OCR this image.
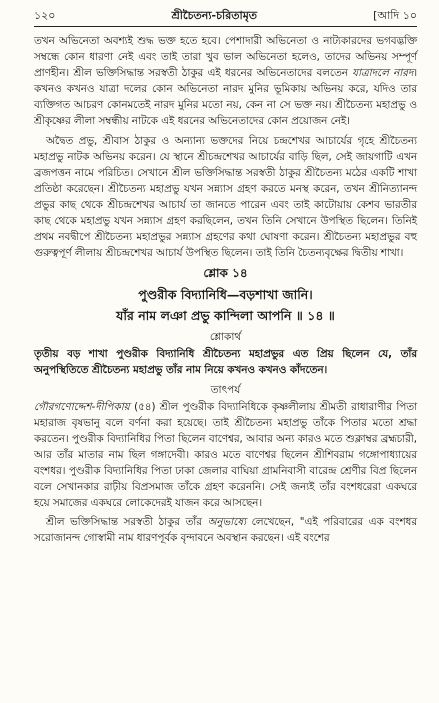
১২০	শ্রীচৈতন্য-চরিতামৃত	[আদি ১০

তখন অভিনেতা অবশ্যই শুদ্ধ ভক্ত হতে হবে। পেশাদারী অভিনেতা ও নাট্যকারদের ভগবদ্ভক্তি সম্বন্ধে কোন ধারণা নেই এবং তাই তারা খুব ভাল অভিনেতা হলেও, তাদের অভিনয় সম্পূর্ণ প্রাণহীন। শ্রীল ভক্তিসিদ্ধান্ত সরস্বতী ঠাকুর এই ধরনের অভিনেতাদের বলতেন যাত্রাদলে নারদ। কখনও কখনও যাত্রা দলের কোন অভিনেতা নারদ মুনির ভূমিকায় অভিনয় করে, যদিও তার ব্যক্তিগত আচরণ কোনমতেই নারদ মুনির মতো নয়, কেন না সে ভক্ত নয়। শ্রীচৈতন্য মহাপ্রভু ও শ্রীকৃষ্ণের লীলা সম্বন্ধীয় নাটকে এই ধরনের অভিনেতাদের কোন প্রয়োজন নেই।

অদ্বৈত প্রভু, শ্রীবাস ঠাকুর ও অন্যান্য ভক্তদের নিয়ে চন্দ্রশেখর আচার্যের গৃহে শ্রীচৈতন্য মহাপ্রভু নাটক অভিনয় করেন। যে স্থানে শ্রীচন্দ্রশেখর আচার্যের বাড়ি ছিল, সেই জায়গাটি এখন ব্রজপত্তন নামে পরিচিত। সেখানে শ্রীল ভক্তিসিদ্ধান্ত সরস্বতী ঠাকুর শ্রীচৈতন্য মঠের একটি শাখা প্রতিষ্ঠা করেছেন। শ্রীচৈতন্য মহাপ্রভু যখন সন্ন্যাস গ্রহণ করতে মনস্থ করেন, তখন শ্রীনিত্যানন্দ প্রভুর কাছ থেকে শ্রীচন্দ্রশেখর আচার্য তা জানতে পারেন এবং তাই কাটোয়ায় কেশব ভারতীর কাছ থেকে মহাপ্রভু যখন সন্ন্যাস গ্রহণ করছিলেন, তখন তিনি সেখানে উপস্থিত ছিলেন। তিনিই প্রথম নবদ্বীপে শ্রীচৈতন্য মহাপ্রভুর সন্ন্যাস গ্রহণের কথা ঘোষণা করেন। শ্রীচৈতন্য মহাপ্রভুর বহু গুরুত্বপূর্ণ লীলায় শ্রীচন্দ্রশেখর আচার্য উপস্থিত ছিলেন। তাই তিনি চৈতন্যবৃক্ষের দ্বিতীয় শাখা।

শ্লোক ১৪
পুণ্ডরীক বিদ্যানিধি—বড়শাখা জানি।
যাঁর নাম লঞা প্রভু কান্দিলা আপনি ॥ ১৪ ॥
শ্লোকার্থ

তৃতীয় বড় শাখা পুণ্ডরীক বিদ্যানিধি শ্রীচৈতন্য মহাপ্রভুর এত প্রিয় ছিলেন যে, তাঁর অনুপস্থিতিতে শ্রীচৈতন্য মহাপ্রভু তাঁর নাম নিয়ে কখনও কখনও কাঁদতেন।

তাৎপর্য

গৌরগণোদ্দেশ-দীপিকায় (৫৪) শ্রীল পুণ্ডরীক বিদ্যানিধিকে কৃষ্ণলীলায় শ্রীমতী রাধারাণীর পিতা মহারাজ বৃষভানু বলে বর্ণনা করা হয়েছে। তাই শ্রীচৈতন্য মহাপ্রভু তাঁকে পিতার মতো শ্রদ্ধা করতেন। পুণ্ডরীক বিদ্যানিধির পিতা ছিলেন বাণেশ্বর, আবার অন্য কারও মতে শুক্লাম্বর ব্রহ্মচারী, আর তাঁর মাতার নাম ছিল গঙ্গাদেবী। কারও মতে বাণেশ্বর ছিলেন শ্রীশিবরাম গঙ্গোপাধ্যায়ের বংশধর। পুণ্ডরীক বিদ্যানিধির পিতা ঢাকা জেলার বাঘিয়া গ্রামনিবাসী বারেন্দ্র শ্রেণীর বিপ্র ছিলেন বলে সেখানকার রাঢ়ীয় বিপ্রসমাজ তাঁকে গ্রহণ করেননি। সেই জন্যই তাঁর বংশধরেরা একঘরে হয়ে সমাজের একঘরে লোকেদেরই যাজন করে আসছেন।

শ্রীল ভক্তিসিদ্ধান্ত সরস্বতী ঠাকুর তাঁর অনুভাষ্যে লেখেছেন, "এই পরিবারের এক বংশধর সরোজানন্দ গোস্বামী নাম ধারণপূর্বক বৃন্দাবনে অবস্থান করছেন। এই বংশের
